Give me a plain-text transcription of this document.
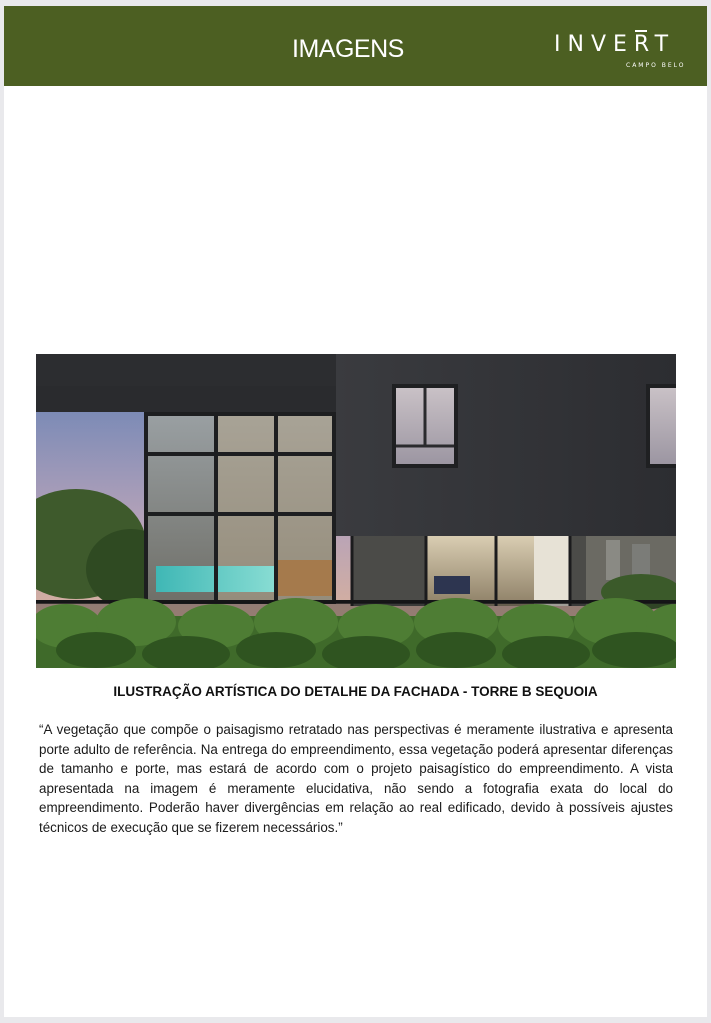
IMAGENS	INVERT
CAMPO BELO
ILUSTRAÇÃO ARTÍSTICA DO DETALHE DA FACHADA - TORRE B SEQUOIA
“A vegetação que compõe o paisagismo retratado nas perspectivas é meramente ilustrativa e apresenta porte adulto de referência. Na entrega do empreendimento, essa vegetação poderá apresentar diferenças de tamanho e porte, mas estará de acordo com o projeto paisagístico do empreendimento. A vista apresentada na imagem é meramente elucidativa, não sendo a fotografia exata do local do empreendimento. Poderão haver divergências em relação ao real edificado, devido à possíveis ajustes técnicos de execução que se fizerem necessários.”
